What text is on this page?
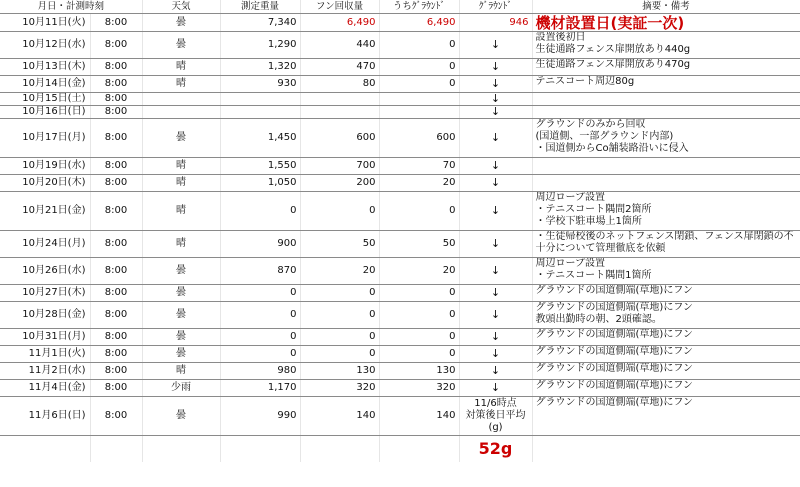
月日・計測時刻		天気	測定重量	フン回収量	うちｸﾞﾗｳﾝﾄﾞ	ｸﾞﾗｳﾝﾄﾞ	摘要・備考
10月11日(火)	8:00	曇	7,340	6,490	6,490	946	機材設置日(実証一次)

10月12日(水)	8:00	曇	1,290	440	0	↓	設置後初日
生徒通路フェンス扉開放あり440g

10月13日(木)	8:00	晴	1,320	470	0	↓	生徒通路フェンス扉開放あり470g

10月14日(金)	8:00	晴	930	80	0	↓	テニスコート周辺80g

10月15日(土)	8:00					↓	
10月16日(日)	8:00					↓	
10月17日(月)	8:00	曇	1,450	600	600	↓	グラウンドのみから回収
(国道側、一部グラウンド内部)
・国道側からCo舗装路沿いに侵入

10月19日(水)	8:00	晴	1,550	700	70	↓	
10月20日(木)	8:00	晴	1,050	200	20	↓	
10月21日(金)	8:00	晴	0	0	0	↓	周辺ロープ設置
・テニスコート隅間2箇所
・学校下駐車場上1箇所

10月24日(月)	8:00	晴	900	50	50	↓	・生徒帰校後のネットフェンス閉鎖、フェンス扉閉鎖の不
十分について管理徹底を依頼

10月26日(水)	8:00	曇	870	20	20	↓	周辺ロープ設置
・テニスコート隅間1箇所

10月27日(木)	8:00	曇	0	0	0	↓	グラウンドの国道側端(草地)にフン

10月28日(金)	8:00	曇	0	0	0	↓	グラウンドの国道側端(草地)にフン
教頭出勤時の朝、2頭確認。

10月31日(月)	8:00	曇	0	0	0	↓	グラウンドの国道側端(草地)にフン

11月1日(火)	8:00	曇	0	0	0	↓	グラウンドの国道側端(草地)にフン

11月2日(水)	8:00	晴	980	130	130	↓	グラウンドの国道側端(草地)にフン

11月4日(金)	8:00	少雨	1,170	320	320	↓	グラウンドの国道側端(草地)にフン

11月6日(日)	8:00	曇	990	140	140	11/6時点
対策後日平均
(g)	グラウンドの国道側端(草地)にフン

						52g	
